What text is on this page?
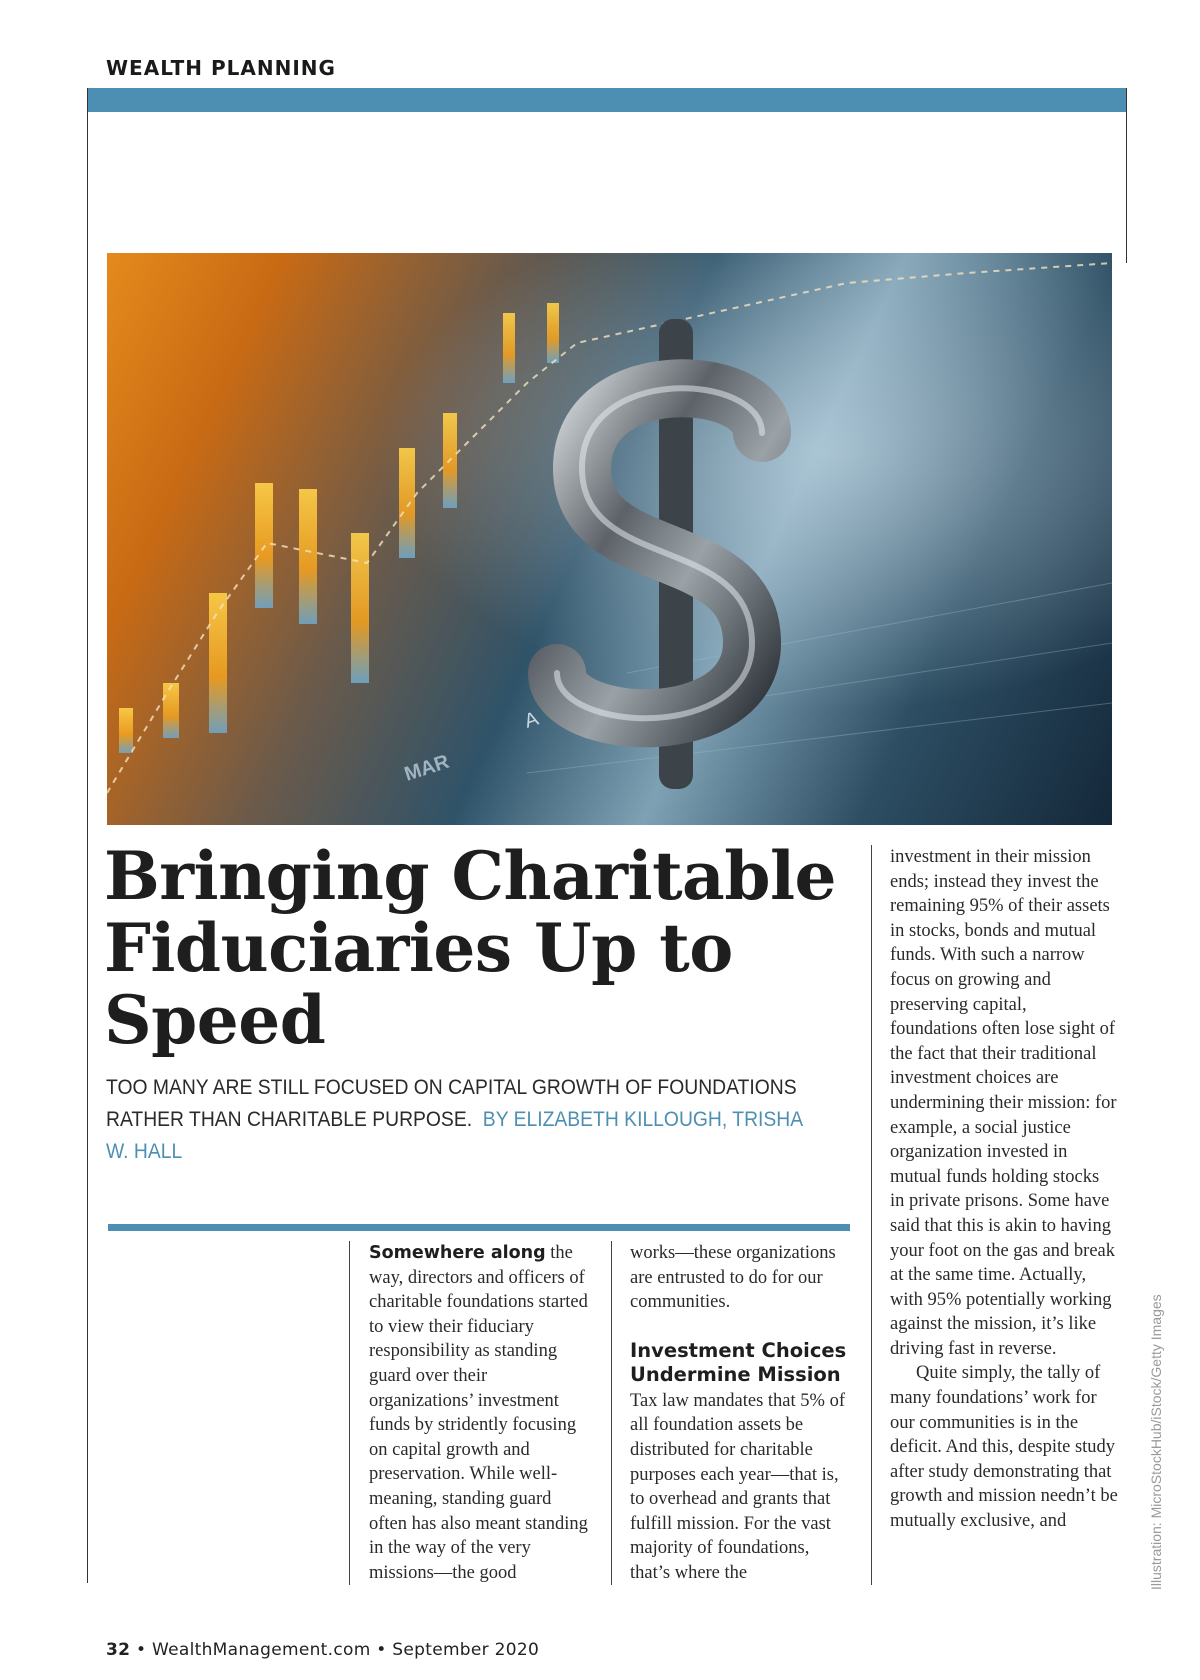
WEALTH PLANNING
MAR
A
Bringing Charitable Fiduciaries Up to Speed
TOO MANY ARE STILL FOCUSED ON CAPITAL GROWTH OF FOUNDATIONS RATHER THAN CHARITABLE PURPOSE. BY ELIZABETH KILLOUGH, TRISHA W. HALL

Somewhere along the way, directors and officers of charitable foundations started to view their fiduciary responsibility as standing guard over their organizations’ investment funds by stridently focusing on capital growth and preservation. While well-meaning, standing guard often has also meant standing in the way of the very missions—the good

works—these organizations are entrusted to do for our communities.

Investment Choices Undermine Mission

Tax law mandates that 5% of all foundation assets be distributed for charitable purposes each year—that is, to overhead and grants that fulfill mission. For the vast majority of foundations, that’s where the

investment in their mission ends; instead they invest the remaining 95% of their assets in stocks, bonds and mutual funds. With such a narrow focus on growing and preserving capital, foundations often lose sight of the fact that their traditional investment choices are undermining their mission: for example, a social justice organization invested in mutual funds holding stocks in private prisons. Some have said that this is akin to having your foot on the gas and break at the same time. Actually, with 95% potentially working against the mission, it’s like driving fast in reverse.

Quite simply, the tally of many foundations’ work for our communities is in the deficit. And this, despite study after study demonstrating that growth and mission needn’t be mutually exclusive, and	Illustration: MicroStockHub/iStock/Getty Images
32 • WealthManagement.com • September 2020
